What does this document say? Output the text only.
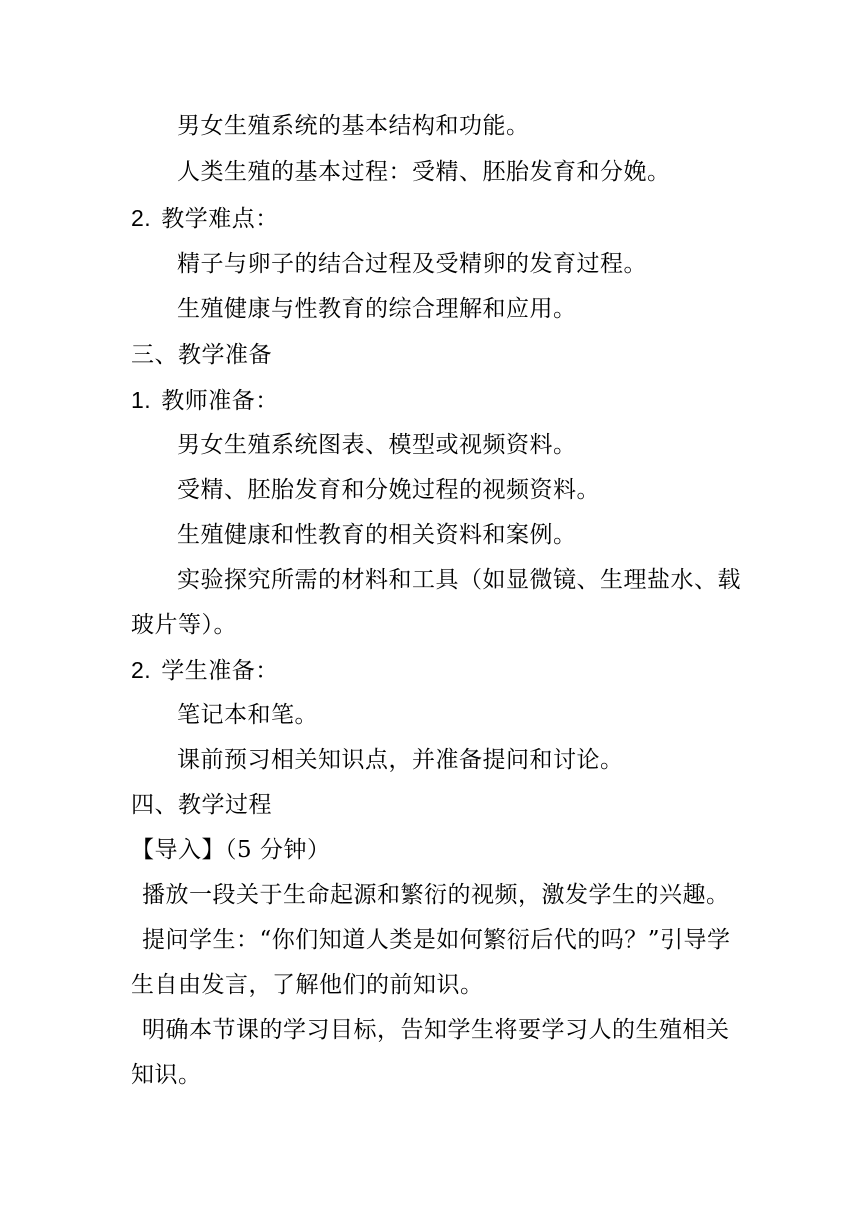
男女生殖系统的基本结构和功能。
人类生殖的基本过程：受精、胚胎发育和分娩。
2. 教学难点：
精子与卵子的结合过程及受精卵的发育过程。
生殖健康与性教育的综合理解和应用。
三、教学准备
1. 教师准备：
男女生殖系统图表、模型或视频资料。
受精、胚胎发育和分娩过程的视频资料。
生殖健康和性教育的相关资料和案例。
实验探究所需的材料和工具（如显微镜、生理盐水、载
玻片等）。
2. 学生准备：
笔记本和笔。
课前预习相关知识点，并准备提问和讨论。
四、教学过程
【导入】（5 分钟）
播放一段关于生命起源和繁衍的视频，激发学生的兴趣。
提问学生：“你们知道人类是如何繁衍后代的吗？”引导学
生自由发言，了解他们的前知识。
明确本节课的学习目标，告知学生将要学习人的生殖相关
知识。
